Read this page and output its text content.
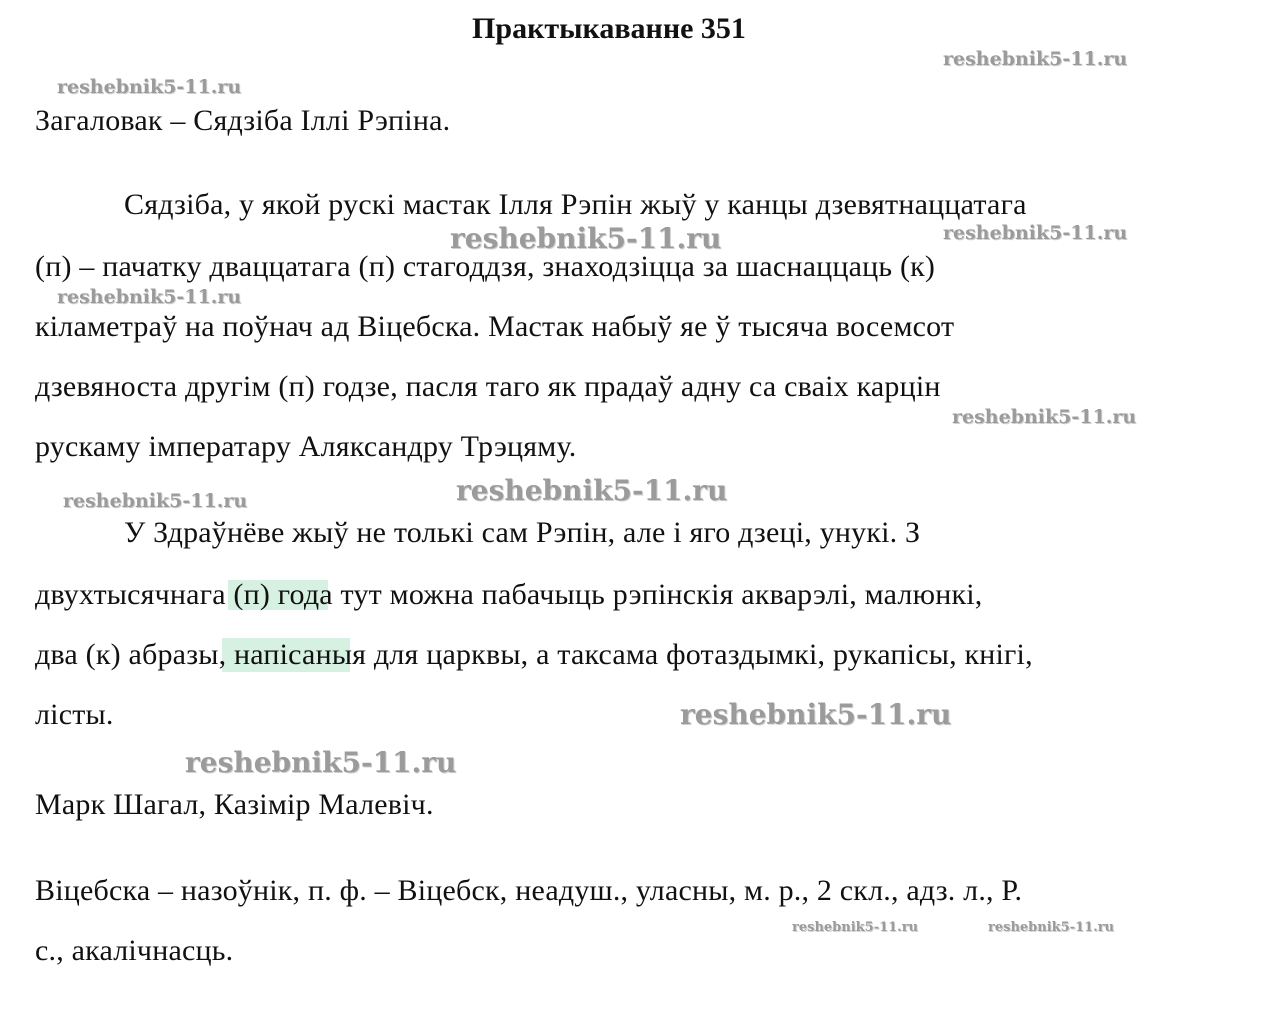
Практыкаванне 351
Загаловак – Сядзіба Іллі Рэпіна.
Сядзіба, у якой рускі мастак Ілля Рэпін жыў у канцы дзевятнаццатага
(п) – пачатку дваццатага (п) стагоддзя, знаходзіцца за шаснаццаць (к)
кіламетраў на поўнач ад Віцебска. Мастак набыў яе ў тысяча восемсот
дзевяноста другім (п) годзе, пасля таго як прадаў адну са сваіх карцін
рускаму імператару Аляксандру Трэцяму.
У Здраўнёве жыў не толькі сам Рэпін, але і яго дзеці, унукі. З
двухтысячнага (п) года тут можна пабачыць рэпінскія акварэлі, малюнкі,
два (к) абразы, напісаныя для царквы, а таксама фотаздымкі, рукапісы, кнігі,
лісты.
Марк Шагал, Казімір Малевіч.
Віцебска – назоўнік, п. ф. – Віцебск, неадуш., уласны, м. р., 2 скл., адз. л., Р.
с., акалічнасць.
reshebnik5-11.ru
reshebnik5-11.ru
reshebnik5-11.ru	reshebnik5-11.ru
reshebnik5-11.ru
reshebnik5-11.ru
reshebnik5-11.ru
reshebnik5-11.ru
reshebnik5-11.ru
reshebnik5-11.ru
reshebnik5-11.ru	reshebnik5-11.ru
